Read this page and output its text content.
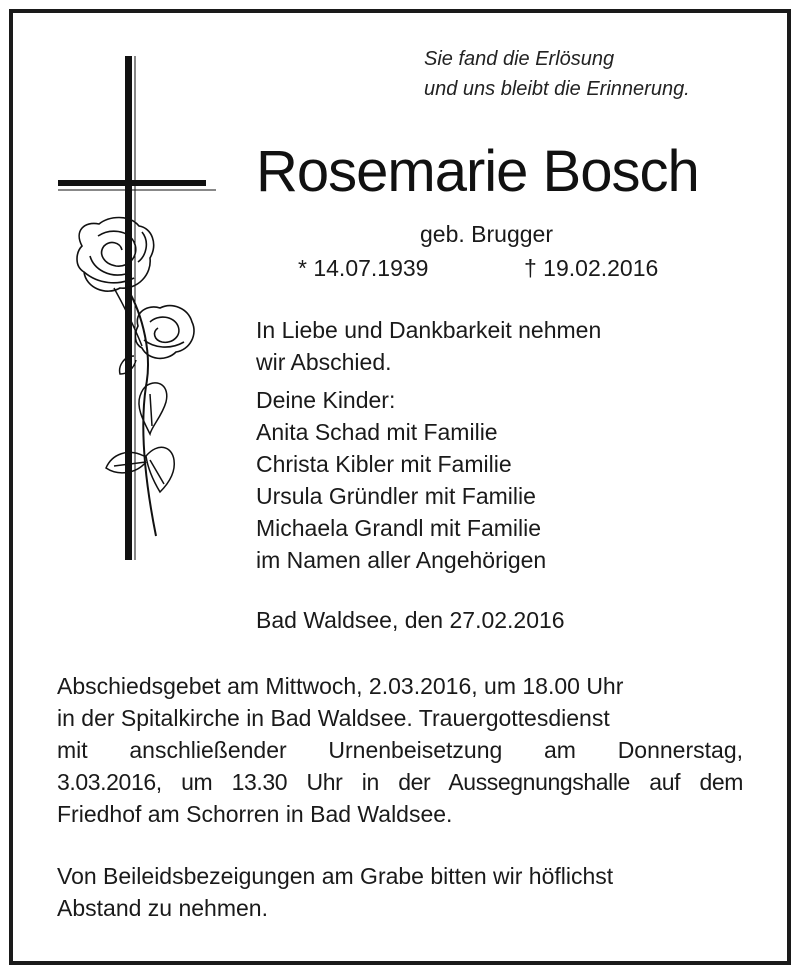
Sie fand die Erlösung
und uns bleibt die Erinnerung.
Rosemarie Bosch
geb. Brugger
* 14.07.1939	† 19.02.2016
In Liebe und Dankbarkeit nehmen
wir Abschied.
Deine Kinder:
Anita Schad mit Familie
Christa Kibler mit Familie
Ursula Gründler mit Familie
Michaela Grandl mit Familie
im Namen aller Angehörigen
Bad Waldsee, den 27.02.2016
Abschiedsgebet am Mittwoch, 2.03.2016, um 18.00 Uhr
in der Spitalkirche in Bad Waldsee. Trauergottesdienst
mit anschließender Urnenbeisetzung am Donnerstag,
3.03.2016, um 13.30 Uhr in der Aussegnungshalle auf dem
Friedhof am Schorren in Bad Waldsee.
Von Beileidsbezeigungen am Grabe bitten wir höflichst
Abstand zu nehmen.
